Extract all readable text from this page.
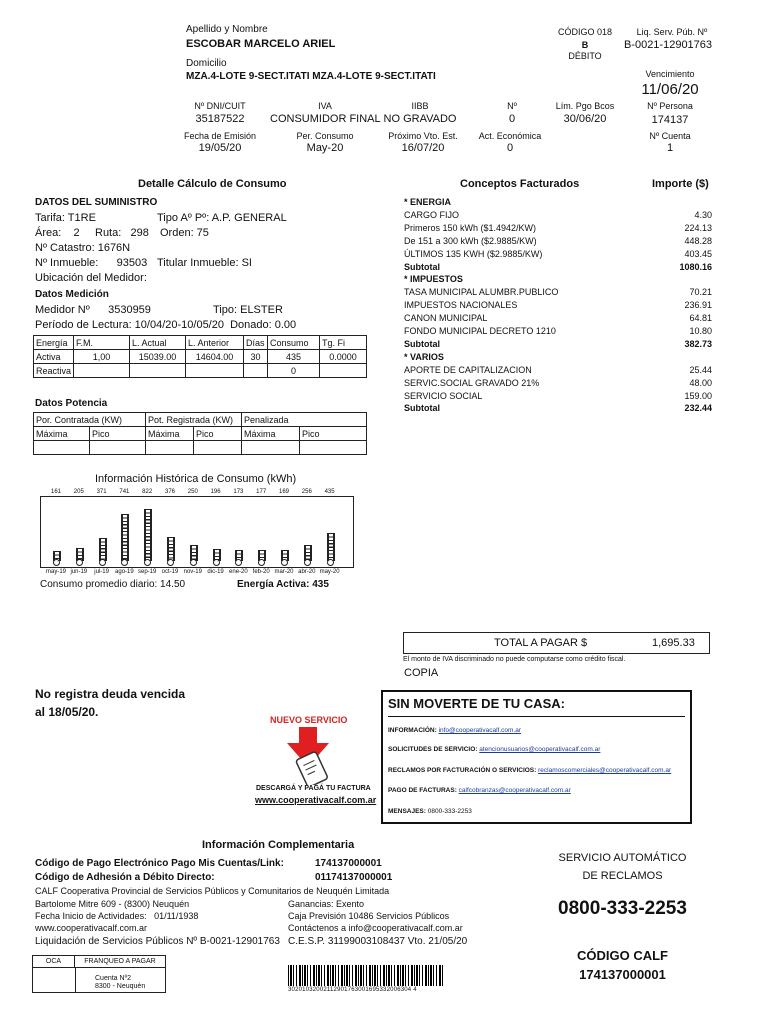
Apellido y Nombre
ESCOBAR MARCELO ARIEL
Domicilio
MZA.4-LOTE 9-SECT.ITATI MZA.4-LOTE 9-SECT.ITATI
CÓDIGO 018
B
DÉBITO
Liq. Serv. Púb. Nº
B-0021-12901763
Vencimiento
11/06/20
Nº DNI/CUIT
35187522
IVA
CONSUMIDOR FINAL
IIBB
NO GRAVADO
Nº
0
Lím. Pgo Bcos
30/06/20
Nº Persona
174137
Fecha de Emisión
19/05/20
Per. Consumo
May-20
Próximo Vto. Est.
16/07/20
Act. Económica
0
Nº Cuenta
1
Detalle Cálculo de Consumo
DATOS DEL SUMINISTRO
Tarifa: T1RE	Tipo Aº Pº: A.P. GENERAL
Área:    2 Ruta:   298 Orden: 75
Nº Catastro: 1676N
Nº Inmueble:      93503 Titular Inmueble: SI
Ubicación del Medidor:
Datos Medición
Medidor Nº      3530959	Tipo: ELSTER
Período de Lectura: 10/04/20-10/05/20  Donado: 0.00
Energía	F.M.	L. Actual	L. Anterior	Días	Consumo	Tg. Fi
Activa	1,00	15039.00	14604.00	30	435	0.0000
Reactiva					0	
Datos Potencia
Por. Contratada (KW)		Pot. Registrada (KW)		Penalizada	
Máxima	Pico	Máxima	Pico	Máxima	Pico

Información Histórica de Consumo (kWh)
161	205	371	741	822	376	250	196	173	177	169	256	435
may-19 jun-19	jul-19	ago-19 sep-19 oct-19 nov-19 dic-19 ene-20 feb-20 mar-20 abr-20 may-20
Consumo promedio diario: 14.50	Energía Activa: 435
Conceptos Facturados	Importe ($)
* ENERGIA
CARGO FIJO	4.30
Primeros 150 kWh ($1.4942/KW)	224.13
De 151 a 300 kWh ($2.9885/KW)	448.28
ÚLTIMOS 135 KWH ($2.9885/KW)	403.45
Subtotal	1080.16
* IMPUESTOS
TASA MUNICIPAL ALUMBR.PUBLICO	70.21
IMPUESTOS NACIONALES	236.91
CANON MUNICIPAL	64.81
FONDO MUNICIPAL DECRETO 1210	10.80
Subtotal	382.73
* VARIOS
APORTE DE CAPITALIZACION	25.44
SERVIC.SOCIAL GRAVADO 21%	48.00
SERVICIO SOCIAL	159.00
Subtotal	232.44
TOTAL A PAGAR $	1,695.33
El monto de IVA discriminado no puede computarse como crédito fiscal.
COPIA
No registra deuda vencida
al 18/05/20.
NUEVO SERVICIO
DESCARGÁ Y PAGÁ TU FACTURA
www.cooperativacalf.com.ar
SIN MOVERTE DE TU CASA:
INFORMACIÓN: info@cooperativacalf.com.ar
SOLICITUDES DE SERVICIO: atencionusuarios@cooperativacalf.com.ar
RECLAMOS POR FACTURACIÓN O SERVICIOS: reclamoscomerciales@cooperativacalf.com.ar
PAGO DE FACTURAS: calfcobranzas@cooperativacalf.com.ar
MENSAJES: 0800-333-2253
Información Complementaria
Código de Pago Electrónico Pago Mis Cuentas/Link:	174137000001
Código de Adhesión a Débito Directo:	01174137000001
CALF Cooperativa Provincial de Servicios Públicos y Comunitarios de Neuquén Limitada
Bartolome Mitre 609 - (8300) Neuquén	Ganancias: Exento
Fecha Inicio de Actividades:   01/11/1938	Caja Previsión 10486 Servicios Públicos
www.cooperativacalf.com.ar	Contáctenos a info@cooperativacalf.com.ar
Liquidación de Servicios Públicos Nº B-0021-12901763 C.E.S.P. 31199003108437 Vto. 21/05/20
SERVICIO AUTOMÁTICO
DE RECLAMOS
0800-333-2253
CÓDIGO CALF
174137000001
OCA	FRANQUEO A PAGAR
Cuenta Nº2
8300 - Neuquén	30201032002112901763001695332006304 4
